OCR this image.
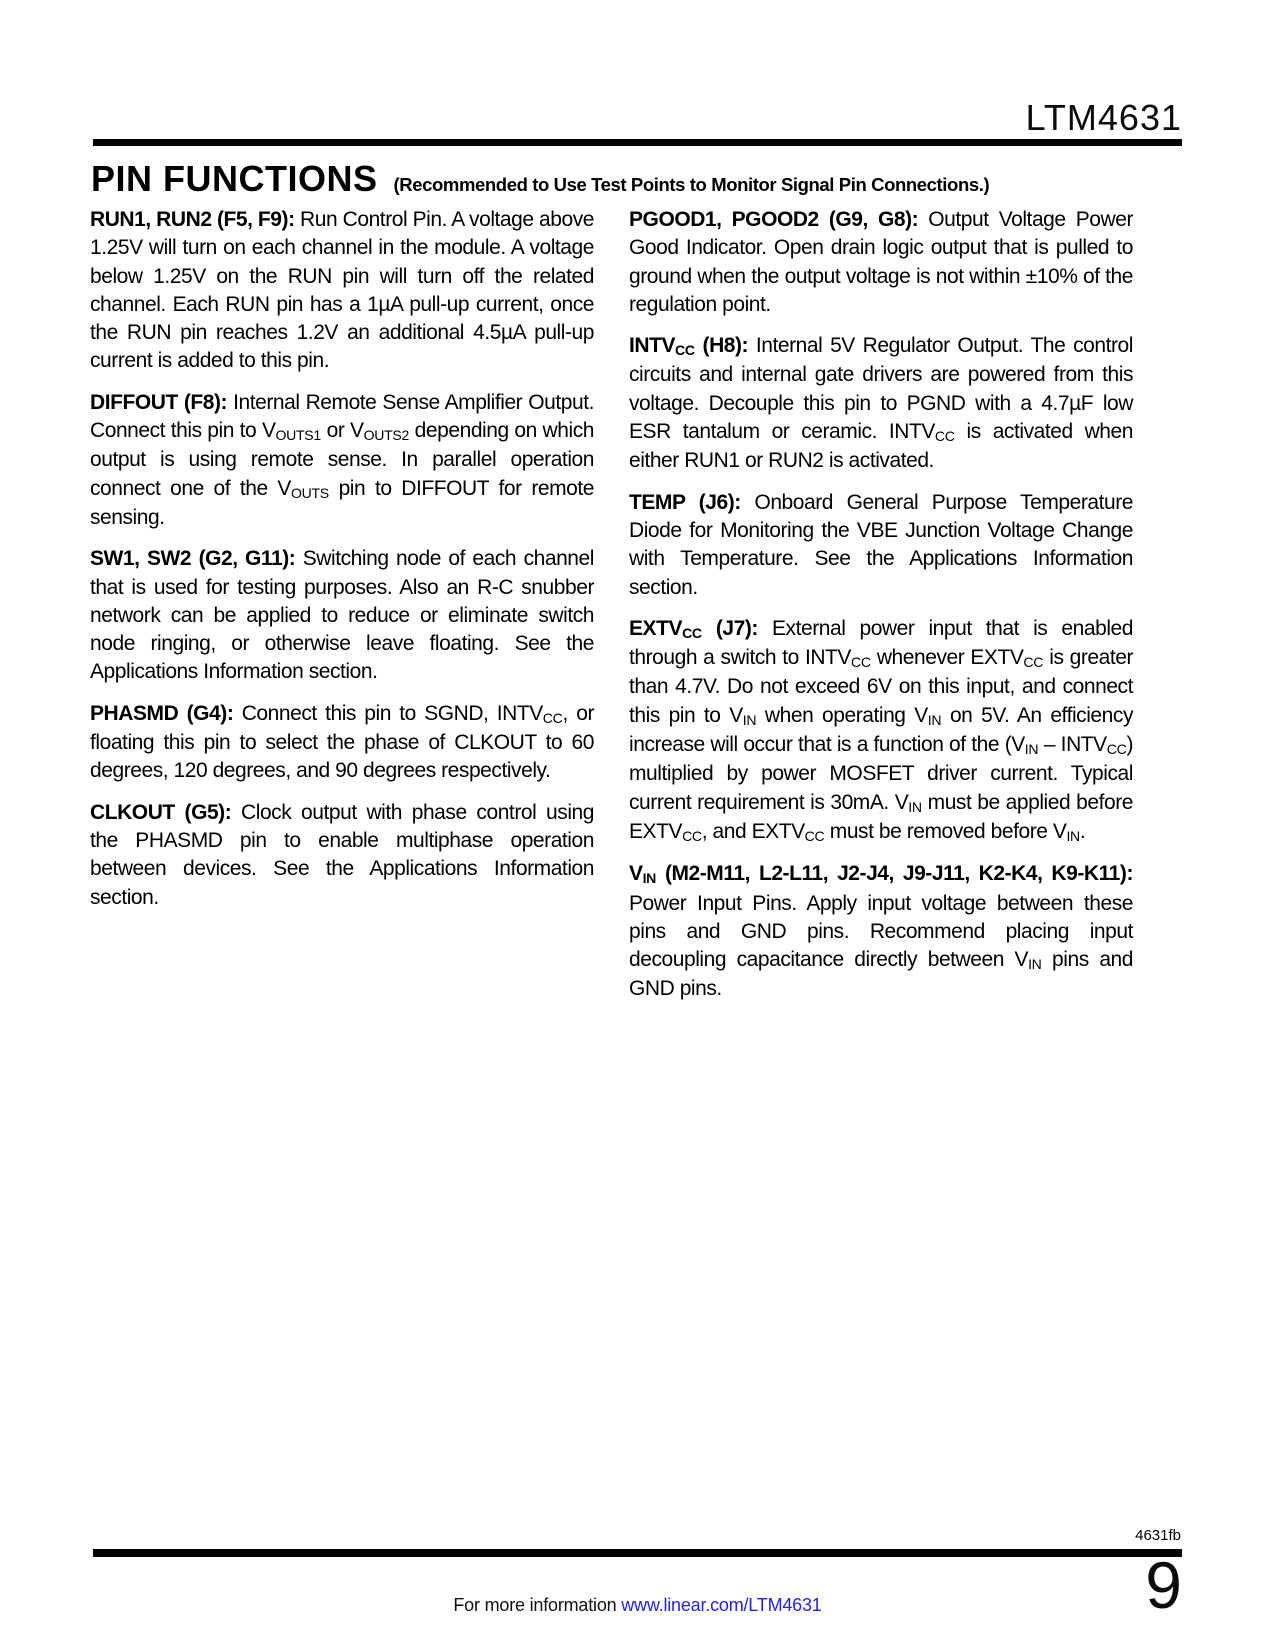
LTM4631
PIN FUNCTIONS (Recommended to Use Test Points to Monitor Signal Pin Connections.)

RUN1, RUN2 (F5, F9): Run Control Pin. A voltage above 1.25V will turn on each channel in the module. A voltage below 1.25V on the RUN pin will turn off the related channel. Each RUN pin has a 1µA pull-up current, once the RUN pin reaches 1.2V an additional 4.5µA pull-up current is added to this pin.

DIFFOUT (F8): Internal Remote Sense Amplifier Output. Connect this pin to VOUTS1 or VOUTS2 depending on which output is using remote sense. In parallel operation connect one of the VOUTS pin to DIFFOUT for remote sensing.

SW1, SW2 (G2, G11): Switching node of each channel that is used for testing purposes. Also an R-C snubber network can be applied to reduce or eliminate switch node ringing, or otherwise leave floating. See the Applications Information section.

PHASMD (G4): Connect this pin to SGND, INTVCC, or floating this pin to select the phase of CLKOUT to 60 degrees, 120 degrees, and 90 degrees respectively.

CLKOUT (G5): Clock output with phase control using the PHASMD pin to enable multiphase operation between devices. See the Applications Information section.

PGOOD1, PGOOD2 (G9, G8): Output Voltage Power Good Indicator. Open drain logic output that is pulled to ground when the output voltage is not within ±10% of the regulation point.

INTVCC (H8): Internal 5V Regulator Output. The control circuits and internal gate drivers are powered from this voltage. Decouple this pin to PGND with a 4.7µF low ESR tantalum or ceramic. INTVCC is activated when either RUN1 or RUN2 is activated.

TEMP (J6): Onboard General Purpose Temperature Diode for Monitoring the VBE Junction Voltage Change with Temperature. See the Applications Information section.

EXTVCC (J7): External power input that is enabled through a switch to INTVCC whenever EXTVCC is greater than 4.7V. Do not exceed 6V on this input, and connect this pin to VIN when operating VIN on 5V. An efficiency increase will occur that is a function of the (VIN – INTVCC) multiplied by power MOSFET driver current. Typical current requirement is 30mA. VIN must be applied before EXTVCC, and EXTVCC must be removed before VIN.

VIN (M2-M11, L2-L11, J2-J4, J9-J11, K2-K4, K9-K11): Power Input Pins. Apply input voltage between these pins and GND pins. Recommend placing input decoupling capacitance directly between VIN pins and GND pins.

4631fb
9
For more information www.linear.com/LTM4631
